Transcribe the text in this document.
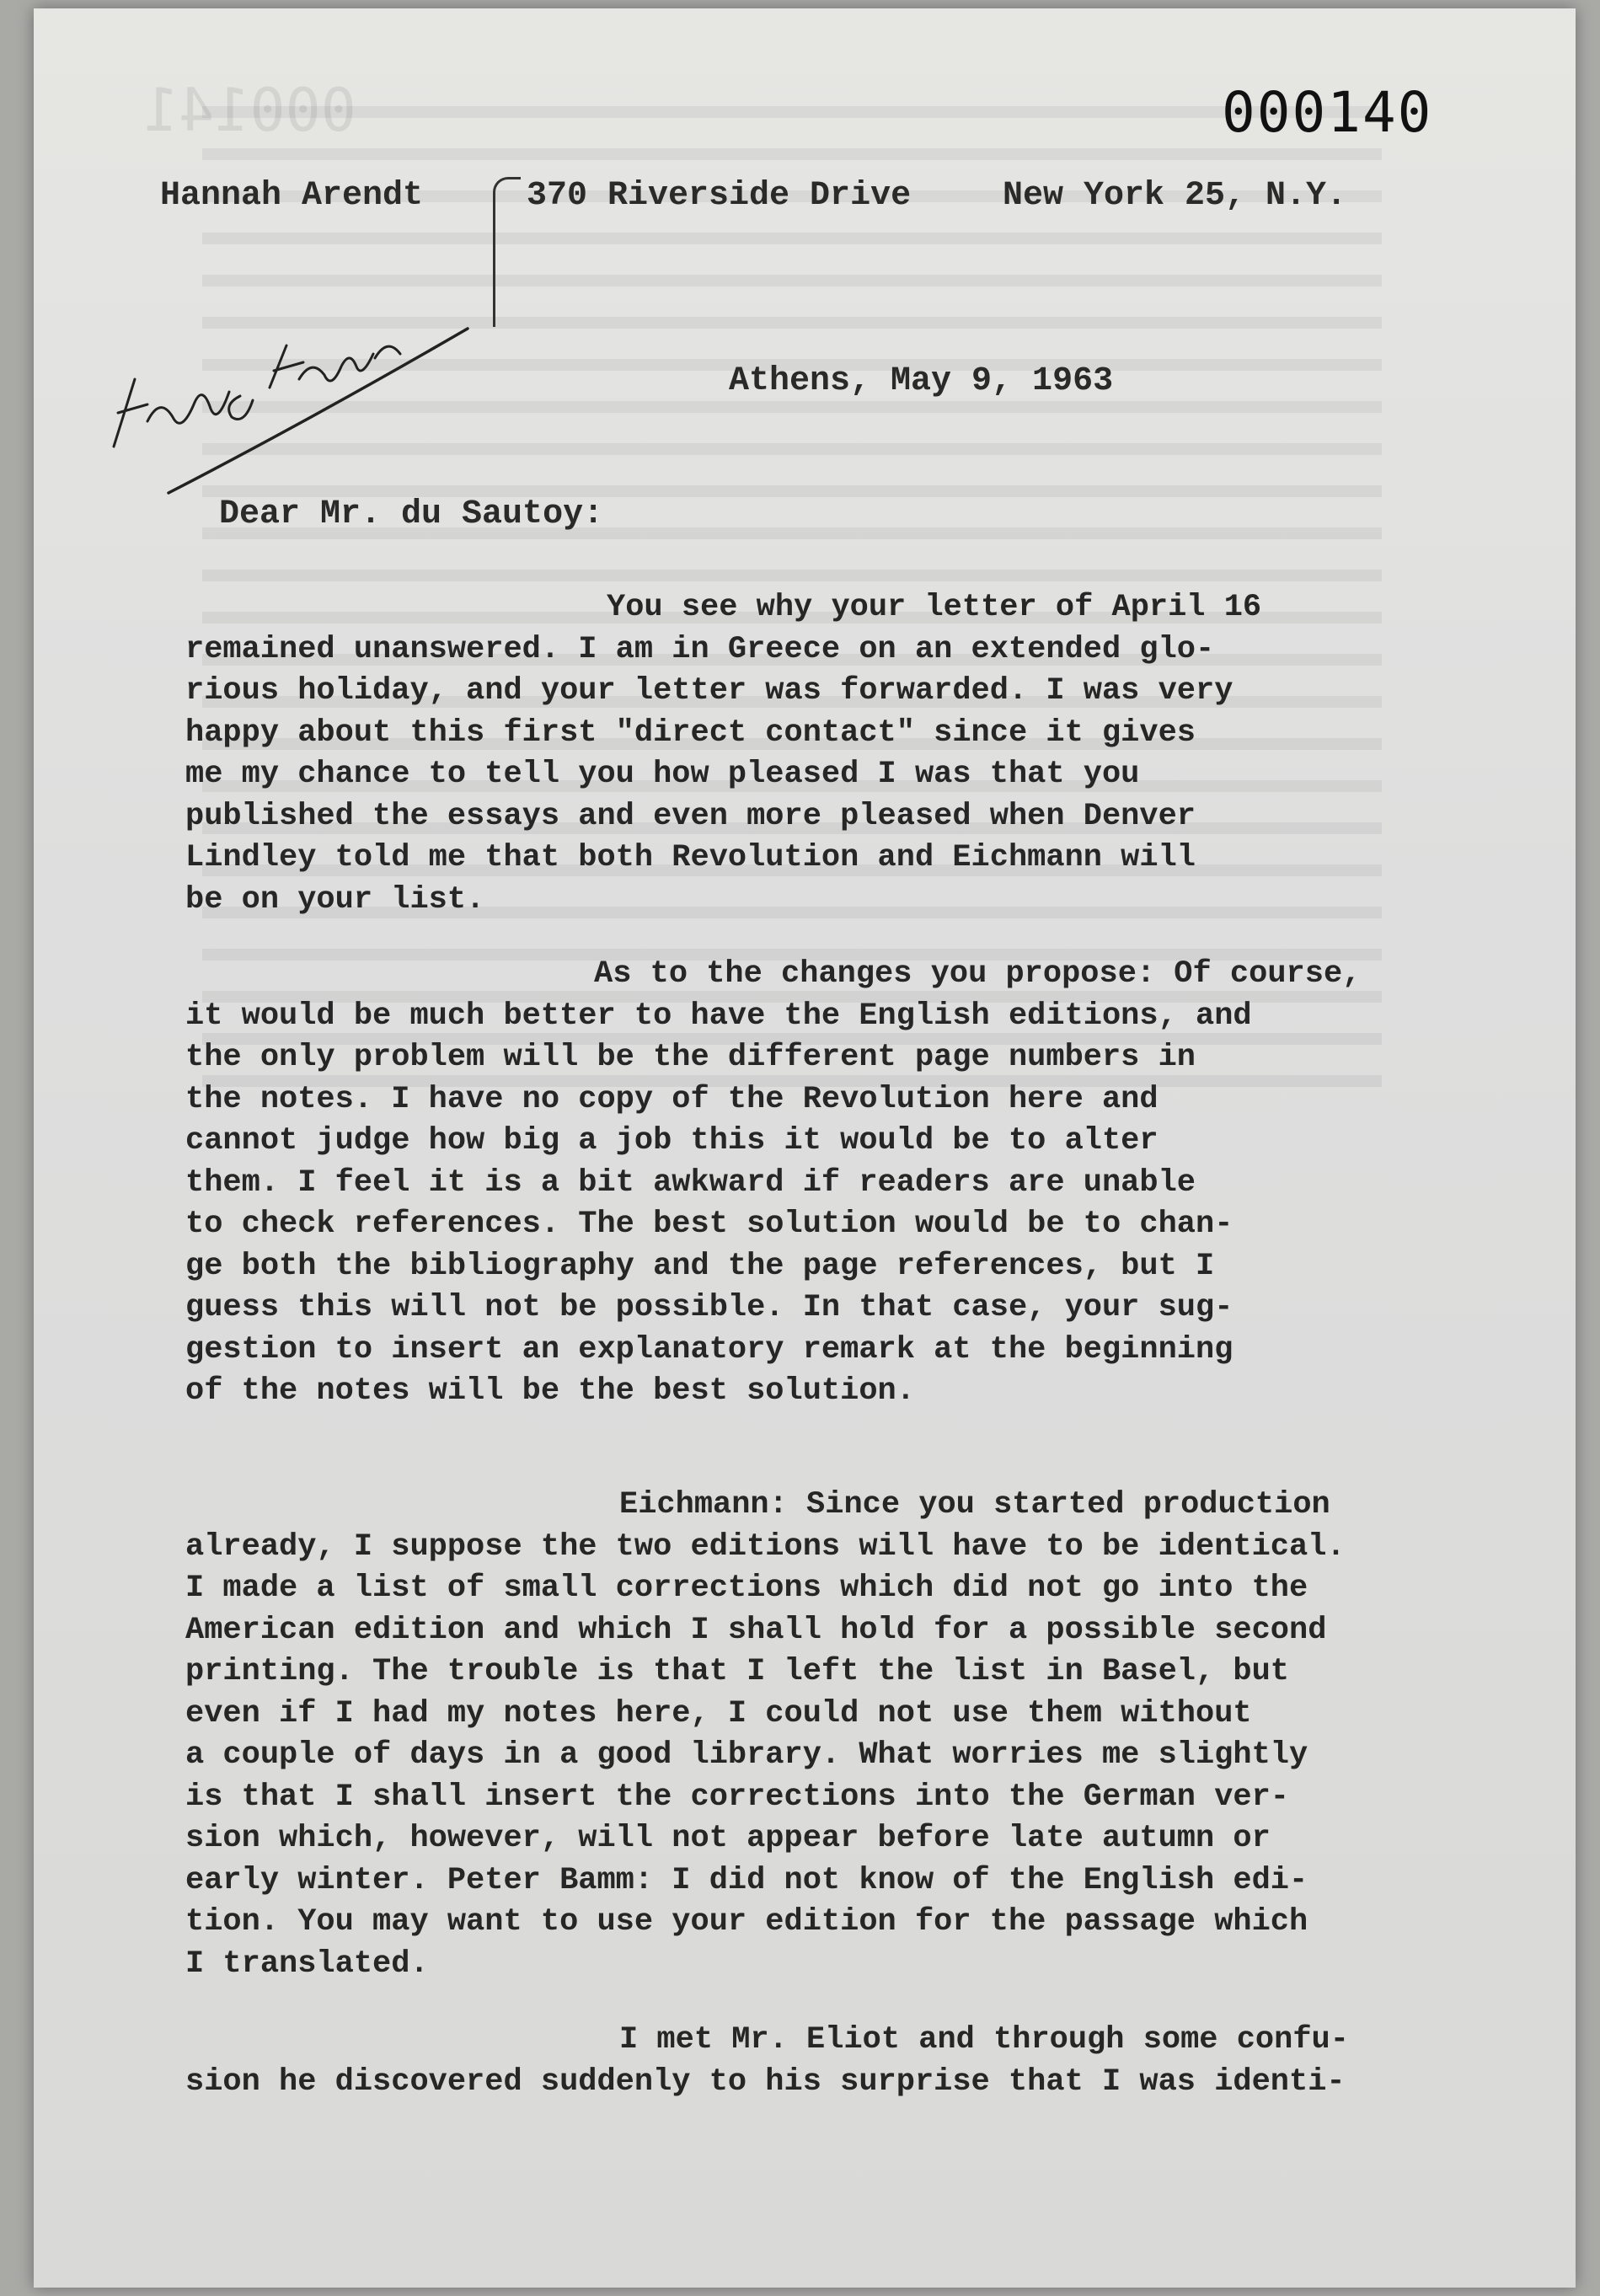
000141	000140
Hannah Arendt	370 Riverside Drive	New York 25, N.Y.
Athens, May 9, 1963
Dear Mr. du Sautoy:
You see why your letter of April 16
remained unanswered. I am in Greece on an extended glo-
rious holiday, and your letter was forwarded. I was very
happy about this first "direct contact" since it gives
me my chance to tell you how pleased I was that you
published the essays and even more pleased when Denver
Lindley told me that both Revolution and Eichmann will
be on your list.
As to the changes you propose: Of course,
it would be much better to have the English editions, and
the only problem will be the different page numbers in
the notes. I have no copy of the Revolution here and
cannot judge how big a job this it would be to alter
them. I feel it is a bit awkward if readers are unable
to check references. The best solution would be to chan-
ge both the bibliography and the page references, but I
guess this will not be possible. In that case, your sug-
gestion to insert an explanatory remark at the beginning
of the notes will be the best solution.
Eichmann: Since you started production
already, I suppose the two editions will have to be identical.
I made a list of small corrections which did not go into the
American edition and which I shall hold for a possible second
printing. The trouble is that I left the list in Basel, but
even if I had my notes here, I could not use them without
a couple of days in a good library. What worries me slightly
is that I shall insert the corrections into the German ver-
sion which, however, will not appear before late autumn or
early winter. Peter Bamm: I did not know of the English edi-
tion. You may want to use your edition for the passage which
I translated.
I met Mr. Eliot and through some confu-
sion he discovered suddenly to his surprise that I was identi-
